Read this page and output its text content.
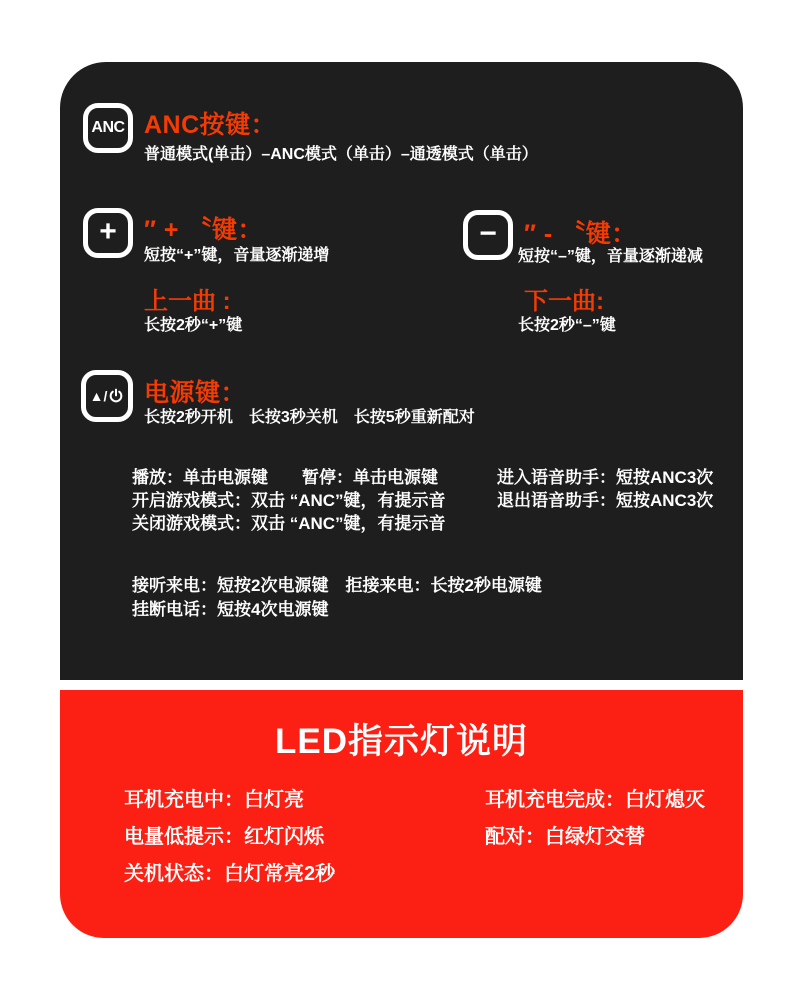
ANC ANC按键：
普通模式(单击）–ANC模式（单击）–通透模式（单击）
+ ″ + 〝键：
短按“+”键，音量逐渐递增
上一曲 :
长按2秒“+”键
− ″ - 〝键：
短按“–”键，音量逐渐递减
下一曲:
长按2秒“–”键
▲/ 电源键：
长按2秒开机　长按3秒关机　长按5秒重新配对
播放：单击电源键　　暂停：单击电源键
开启游戏模式：双击 “ANC”键，有提示音
关闭游戏模式：双击 “ANC”键，有提示音
进入语音助手：短按ANC3次
退出语音助手：短按ANC3次
接听来电：短按2次电源键　拒接来电：长按2秒电源键
挂断电话：短按4次电源键
LED指示灯说明
耳机充电中：白灯亮
电量低提示：红灯闪烁
关机状态：白灯常亮2秒
耳机充电完成：白灯熄灭
配对：白绿灯交替
